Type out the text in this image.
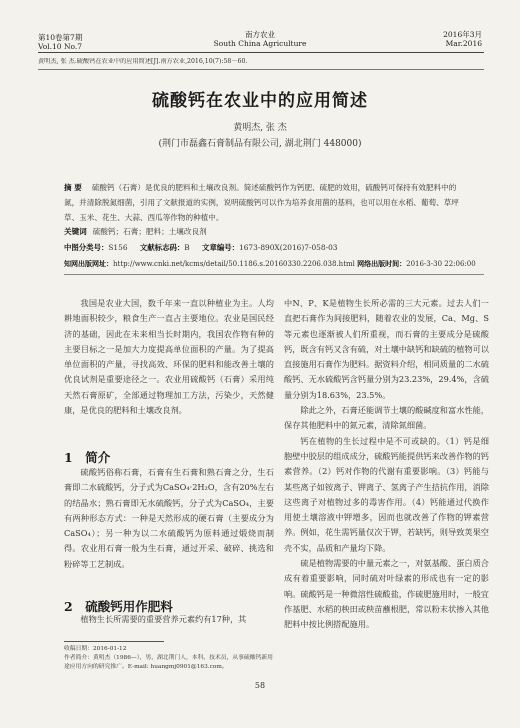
第10卷第7期
Vol.10 No.7
南方农业
South China Agriculture
2016年3月
Mar.2016
黄明杰, 张 杰.硫酸钙在农业中的应用简述[J].南方农业,2016,10(7):58－60.
硫酸钙在农业中的应用简述
黄明杰, 张 杰
(荆门市磊鑫石膏制品有限公司, 湖北荆门 448000)
摘 要 硫酸钙（石膏）是优良的肥料和土壤改良剂。简述硫酸钙作为钙肥、硫肥的效用，硫酸钙可保持有效肥料中的氮，并清除脱氮细菌，引用了文献报道的实例，说明硫酸钙可以作为培养食用菌的基料，也可以用在水稻、葡萄、草坪草、玉米、花生、大蒜、西瓜等作物的种植中。
关键词 硫酸钙；石膏；肥料；土壤改良剂
中图分类号：S156 文献标志码：B 文章编号：1673-890X(2016)7-058-03
知网出版网址：http://www.cnki.net/kcms/detail/50.1186.s.20160330.2206.038.html 网络出版时间：2016-3-30 22:06:00

我国是农业大国，数千年来一直以种植业为主。人均耕地面积较少，粮食生产一直占主要地位。农业是国民经济的基础，因此在未来相当长时期内，我国农作物有种的主要目标之一是加大力度提高单位面积的产量。为了提高单位面积的产量，寻找高效、环保的肥料和能改善土壤的优良试剂是重要途径之一。农业用硫酸钙（石膏）采用纯天然石膏原矿，全部通过物理加工方法，污染少，天然健康，是优良的肥料和土壤改良剂。

1　简介

硫酸钙俗称石膏，石膏有生石膏和熟石膏之分，生石膏即二水硫酸钙，分子式为CaSO₄·2H₂O，含有20%左右的结晶水；熟石膏即无水硫酸钙，分子式为CaSO₄，主要有两种形态方式：一种是天然形成的硬石膏（主要成分为CaSO₄）；另一种为以二水硫酸钙为原料通过煅烧而制得。农业用石膏一般为生石膏，通过开采、破碎、挑选和粉碎等工艺制成。

2　硫酸钙用作肥料

植物生长所需要的重要营养元素约有17种，其

中N、P、K是植物生长所必需的三大元素。过去人们一直把石膏作为间接肥料，随着农业的发展，Ca、Mg、S等元素也逐渐被人们所重视，而石膏的主要成分是硫酸钙，既含有钙又含有硫，对土壤中缺钙和缺硫的植物可以直接施用石膏作为肥料。据资料介绍，相同质量的二水硫酸钙、无水硫酸钙含钙量分别为23.23%，29.4%，含硫量分别为18.63%，23.5%。

除此之外，石膏还能调节土壤的酸碱度和富水性能，保存其他肥料中的氮元素，清除氮细菌。

钙在植物的生长过程中是不可或缺的。（1）钙是细胞壁中胶层的组成成分，硫酸钙能提供钙来改善作物的钙素营养。（2）钙对作物的代谢有重要影响。（3）钙能与某些离子如铵离子、钾离子、氢离子产生拮抗作用，消除这些离子对植物过多的毒害作用。（4）钙能通过代换作用使土壤溶液中钾增多，因而也就改善了作物的钾素营养。例如，花生需钙量仅次于钾，若缺钙，则导致荚果空壳不实，品质和产量均下降。

硫是植物需要的中量元素之一，对氨基酸、蛋白质合成有着重要影响，同时硫对叶绿素的形成也有一定的影响。硫酸钙是一种微溶性硫酸盐，作硫肥施用时，一般宜作基肥、水稻的秧田或秧苗蘸根肥，常以粉末状掺入其他肥料中按比例搭配施用。

收稿日期：2016-01-12
作者简介：黄明杰（1986—），男，湖北荆门人，本科，技术员，从事硫酸钙新用途应用方向的研究推广。E-mail: huangmj0901@163.com。
58
